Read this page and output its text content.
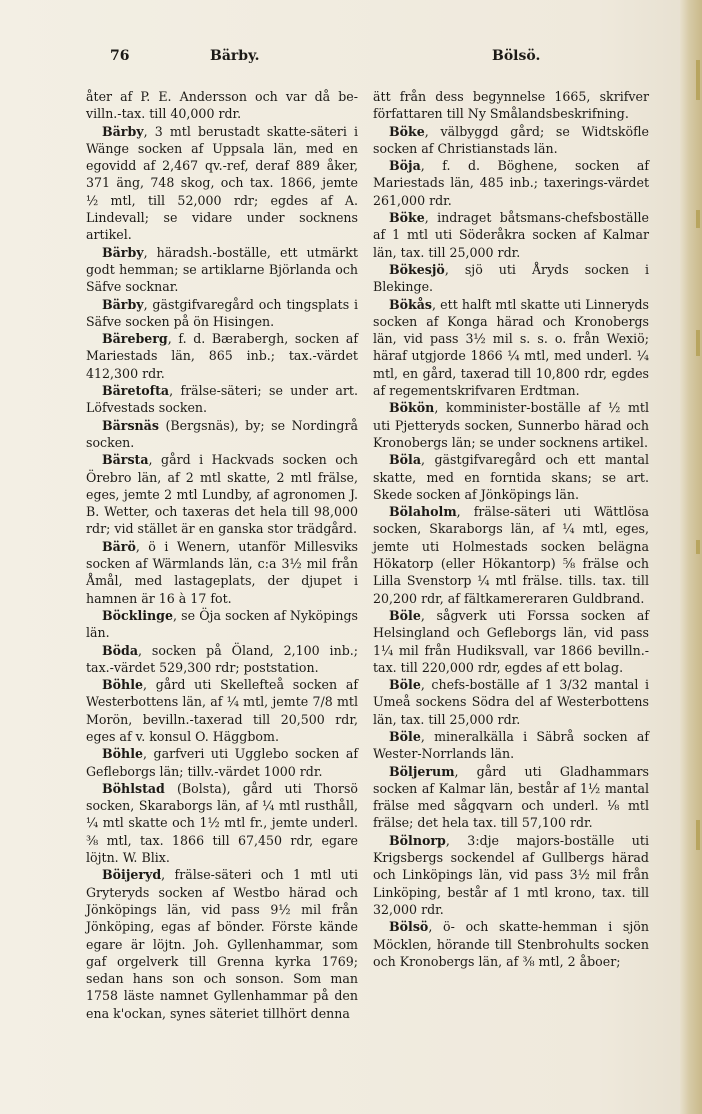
76	Bärby.	Bölsö.

åter af P. E. Andersson och var då be-villn.-tax. till 40,000 rdr.

Bärby, 3 mtl berustadt skatte-säteri i Wänge socken af Uppsala län, med en egovidd af 2,467 qv.-ref, deraf 889 åker, 371 äng, 748 skog, och tax. 1866, jemte ½ mtl, till 52,000 rdr; egdes af A. Lindevall; se vidare under socknens artikel.

Bärby, häradsh.-boställe, ett utmärkt godt hemman; se artiklarne Björlanda och Säfve socknar.

Bärby, gästgifvaregård och tingsplats i Säfve socken på ön Hisingen.

Bäreberg, f. d. Bærabergh, socken af Mariestads län, 865 inb.; tax.-värdet 412,300 rdr.

Bäretofta, frälse-säteri; se under art. Löfvestads socken.

Bärsnäs (Bergsnäs), by; se Nordingrå socken.

Bärsta, gård i Hackvads socken och Örebro län, af 2 mtl skatte, 2 mtl frälse, eges, jemte 2 mtl Lundby, af agronomen J. B. Wetter, och taxeras det hela till 98,000 rdr; vid stället är en ganska stor trädgård.

Bärö, ö i Wenern, utanför Millesviks socken af Wärmlands län, c:a 3½ mil från Åmål, med lastageplats, der djupet i hamnen är 16 à 17 fot.

Böcklinge, se Öja socken af Nyköpings län.

Böda, socken på Öland, 2,100 inb.; tax.-värdet 529,300 rdr; poststation.

Böhle, gård uti Skellefteå socken af Westerbottens län, af ¼ mtl, jemte 7/8 mtl Morön, bevilln.-taxerad till 20,500 rdr, eges af v. konsul O. Häggbom.

Böhle, garfveri uti Ugglebo socken af Gefleborgs län; tillv.-värdet 1000 rdr.

Böhlstad (Bolsta), gård uti Thorsö socken, Skaraborgs län, af ¼ mtl rusthåll, ¼ mtl skatte och 1½ mtl fr., jemte underl. ⅜ mtl, tax. 1866 till 67,450 rdr, egare löjtn. W. Blix.

Böijeryd, frälse-säteri och 1 mtl uti Gryteryds socken af Westbo härad och Jönköpings län, vid pass 9½ mil från Jönköping, egas af bönder. Förste kände egare är löjtn. Joh. Gyllenhammar, som gaf orgelverk till Grenna kyrka 1769; sedan hans son och sonson. Som man 1758 läste namnet Gyllenhammar på den ena k'ockan, synes säteriet tillhört denna

ätt från dess begynnelse 1665, skrifver författaren till Ny Smålandsbeskrifning.

Böke, välbyggd gård; se Widtsköfle socken af Christianstads län.

Böja, f. d. Böghene, socken af Mariestads län, 485 inb.; taxerings-värdet 261,000 rdr.

Böke, indraget båtsmans-chefsboställe af 1 mtl uti Söderåkra socken af Kalmar län, tax. till 25,000 rdr.

Bökesjö, sjö uti Åryds socken i Blekinge.

Bökås, ett halft mtl skatte uti Linneryds socken af Konga härad och Kronobergs län, vid pass 3½ mil s. s. o. från Wexiö; häraf utgjorde 1866 ¼ mtl, med underl. ¼ mtl, en gård, taxerad till 10,800 rdr, egdes af regementskrifvaren Erdtman.

Bökön, komminister-boställe af ½ mtl uti Pjetteryds socken, Sunnerbo härad och Kronobergs län; se under socknens artikel.

Böla, gästgifvaregård och ett mantal skatte, med en forntida skans; se art. Skede socken af Jönköpings län.

Bölaholm, frälse-säteri uti Wättlösa socken, Skaraborgs län, af ¼ mtl, eges, jemte uti Holmestads socken belägna Hökatorp (eller Hökantorp) ⅝ frälse och Lilla Svenstorp ¼ mtl frälse. tills. tax. till 20,200 rdr, af fältkamereraren Guldbrand.

Böle, sågverk uti Forssa socken af Helsingland och Gefleborgs län, vid pass 1¼ mil från Hudiksvall, var 1866 bevilln.-tax. till 220,000 rdr, egdes af ett bolag.

Böle, chefs-boställe af 1 3/32 mantal i Umeå sockens Södra del af Westerbottens län, tax. till 25,000 rdr.

Böle, mineralkälla i Säbrå socken af Wester-Norrlands län.

Böljerum, gård uti Gladhammars socken af Kalmar län, består af 1½ mantal frälse med sågqvarn och underl. ⅛ mtl frälse; det hela tax. till 57,100 rdr.

Bölnorp, 3:dje majors-boställe uti Krigsbergs sockendel af Gullbergs härad och Linköpings län, vid pass 3½ mil från Linköping, består af 1 mtl krono, tax. till 32,000 rdr.

Bölsö, ö- och skatte-hemman i sjön Möcklen, hörande till Stenbrohults socken och Kronobergs län, af ⅜ mtl, 2 åboer;
